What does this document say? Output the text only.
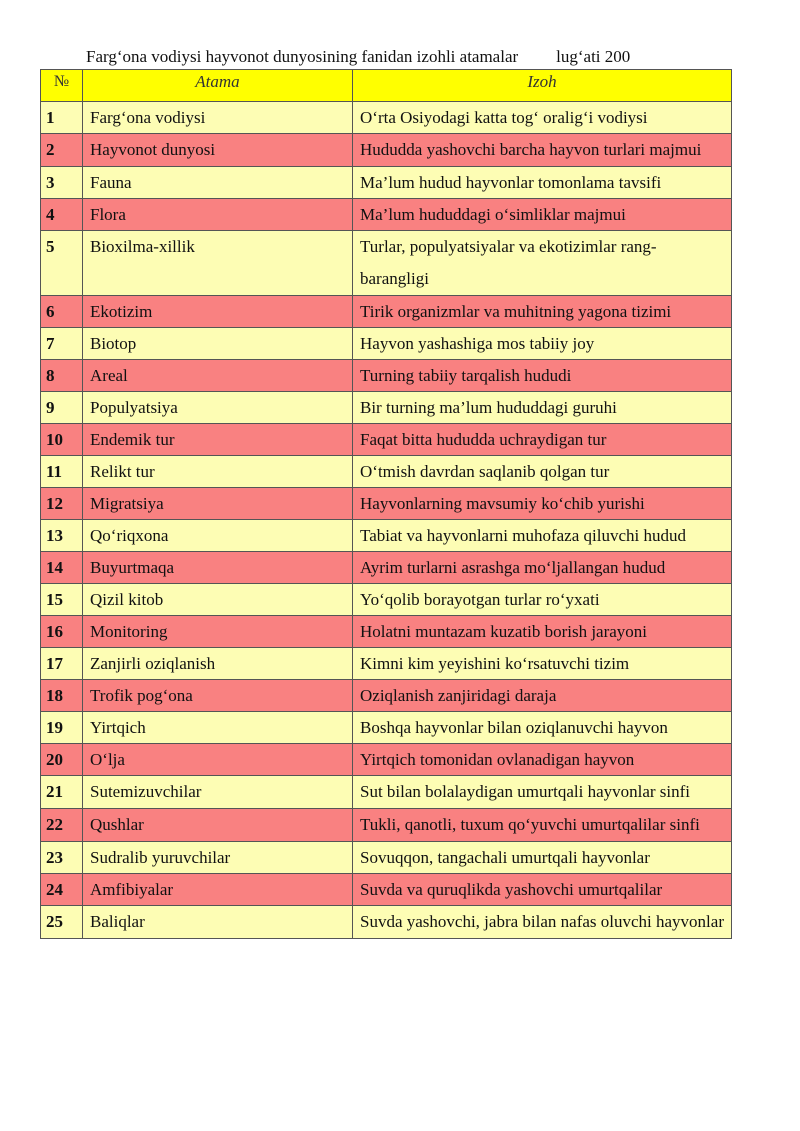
Farg‘ona vodiysi hayvonot dunyosining fanidan izohli atamalar lug‘ati 200
№	Atama	Izoh
1	Farg‘ona vodiysi	O‘rta Osiyodagi katta tog‘ oralig‘i vodiysi
2	Hayvonot dunyosi	Hududda yashovchi barcha hayvon turlari majmui
3	Fauna	Ma’lum hudud hayvonlar tomonlama tavsifi
4	Flora	Ma’lum hududdagi o‘simliklar majmui
5	Bioxilma-xillik	Turlar, populyatsiyalar va ekotizimlar rang-barangligi
6	Ekotizim	Tirik organizmlar va muhitning yagona tizimi
7	Biotop	Hayvon yashashiga mos tabiiy joy
8	Areal	Turning tabiiy tarqalish hududi
9	Populyatsiya	Bir turning ma’lum hududdagi guruhi
10	Endemik tur	Faqat bitta hududda uchraydigan tur
11	Relikt tur	O‘tmish davrdan saqlanib qolgan tur
12	Migratsiya	Hayvonlarning mavsumiy ko‘chib yurishi
13	Qo‘riqxona	Tabiat va hayvonlarni muhofaza qiluvchi hudud
14	Buyurtmaqa	Ayrim turlarni asrashga mo‘ljallangan hudud
15	Qizil kitob	Yo‘qolib borayotgan turlar ro‘yxati
16	Monitoring	Holatni muntazam kuzatib borish jarayoni
17	Zanjirli oziqlanish	Kimni kim yeyishini ko‘rsatuvchi tizim
18	Trofik pog‘ona	Oziqlanish zanjiridagi daraja
19	Yirtqich	Boshqa hayvonlar bilan oziqlanuvchi hayvon
20	O‘lja	Yirtqich tomonidan ovlanadigan hayvon
21	Sutemizuvchilar	Sut bilan bolalaydigan umurtqali hayvonlar sinfi
22	Qushlar	Tukli, qanotli, tuxum qo‘yuvchi umurtqalilar sinfi
23	Sudralib yuruvchilar	Sovuqqon, tangachali umurtqali hayvonlar
24	Amfibiyalar	Suvda va quruqlikda yashovchi umurtqalilar
25	Baliqlar	Suvda yashovchi, jabra bilan nafas oluvchi hayvonlar
